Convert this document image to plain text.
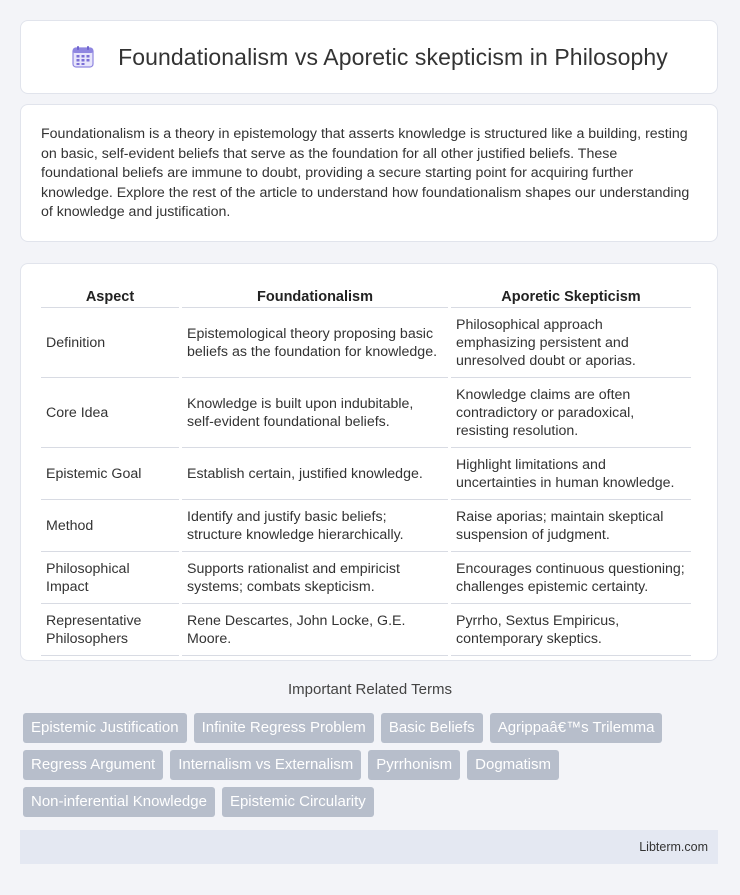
Foundationalism vs Aporetic skepticism in Philosophy

Foundationalism is a theory in epistemology that asserts knowledge is structured like a building, resting on basic, self-evident beliefs that serve as the foundation for all other justified beliefs. These foundational beliefs are immune to doubt, providing a secure starting point for acquiring further knowledge. Explore the rest of the article to understand how foundationalism shapes our understanding of knowledge and justification.

Aspect	Foundationalism	Aporetic Skepticism
Definition	Epistemological theory proposing basic beliefs as the foundation for knowledge.	Philosophical approach emphasizing persistent and unresolved doubt or aporias.
Core Idea	Knowledge is built upon indubitable, self-evident foundational beliefs.	Knowledge claims are often contradictory or paradoxical, resisting resolution.
Epistemic Goal	Establish certain, justified knowledge.	Highlight limitations and uncertainties in human knowledge.
Method	Identify and justify basic beliefs; structure knowledge hierarchically.	Raise aporias; maintain skeptical suspension of judgment.
Philosophical Impact	Supports rationalist and empiricist systems; combats skepticism.	Encourages continuous questioning; challenges epistemic certainty.
Representative Philosophers	Rene Descartes, John Locke, G.E. Moore.	Pyrrho, Sextus Empiricus, contemporary skeptics.
Important Related Terms
Epistemic Justification	Infinite Regress Problem	Basic Beliefs	Agrippaâ€™s Trilemma
Regress Argument	Internalism vs Externalism	Pyrrhonism	Dogmatism
Non-inferential Knowledge	Epistemic Circularity
Libterm.com
